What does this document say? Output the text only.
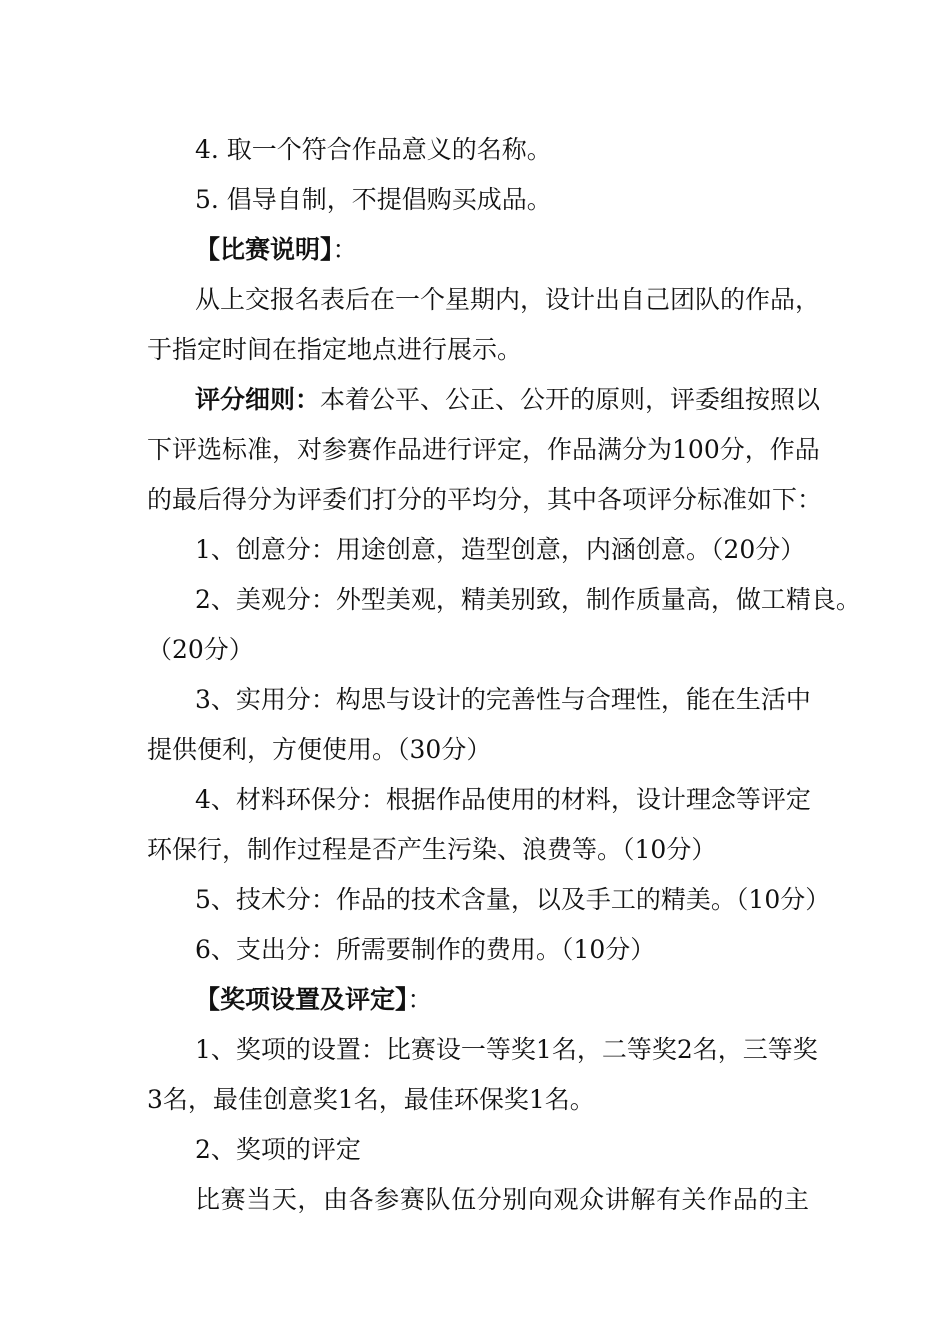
4. 取一个符合作品意义的名称。
5. 倡导自制，不提倡购买成品。
【比赛说明】：
从上交报名表后在一个星期内，设计出自己团队的作品，
于指定时间在指定地点进行展示。
评分细则： 本着公平、公正、公开的原则，评委组按照以
下评选标准，对参赛作品进行评定，作品满分为100分，作品
的最后得分为评委们打分的平均分，其中各项评分标准如下：
1、创意分：用途创意，造型创意，内涵创意。（20分）
2、美观分：外型美观，精美别致，制作质量高，做工精良。
（20分）
3、实用分：构思与设计的完善性与合理性，能在生活中
提供便利，方便使用。（30分）
4、材料环保分：根据作品使用的材料，设计理念等评定
环保行，制作过程是否产生污染、浪费等。（10分）
5、技术分：作品的技术含量，以及手工的精美。（10分）
6、支出分：所需要制作的费用。（10分）
【奖项设置及评定】：
1、奖项的设置：比赛设一等奖1名，二等奖2名，三等奖
3名，最佳创意奖1名，最佳环保奖1名。
2、奖项的评定
比赛当天，由各参赛队伍分别向观众讲解有关作品的主
